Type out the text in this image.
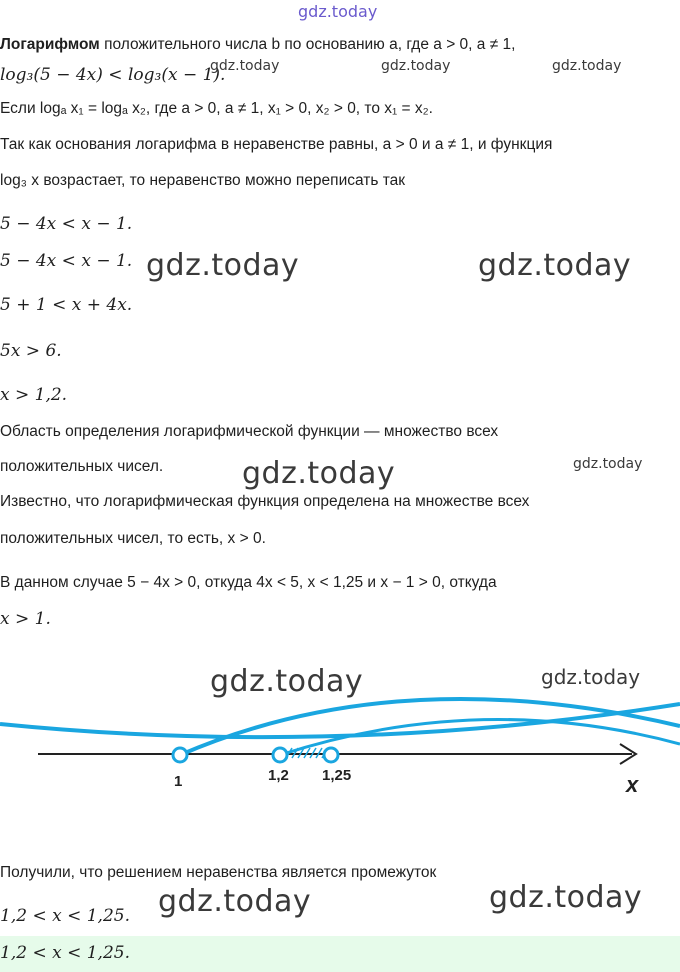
gdz.today
Логарифмом положительного числа b по основанию a, где a > 0, a ≠ 1,
log₃(5 − 4x) < log₃(x − 1).
gdz.today	gdz.today	gdz.today
Если logₐ x₁ = logₐ x₂, где a > 0, a ≠ 1, x₁ > 0, x₂ > 0, то x₁ = x₂.
Так как основания логарифма в неравенстве равны, a > 0 и a ≠ 1, и функция
log₃ x возрастает, то неравенство можно переписать так
5 − 4x < x − 1.
5 − 4x < x − 1. gdz.today	gdz.today
5 + 1 < x + 4x.
5x > 6.
x > 1,2.
Область определения логарифмической функции — множество всех
положительных чисел.	gdz.today	gdz.today
Известно, что логарифмическая функция определена на множестве всех
положительных чисел, то есть, x > 0.
В данном случае 5 − 4x > 0, откуда 4x < 5, x < 1,25 и x − 1 > 0, откуда
x > 1.
gdz.today	gdz.today
1	1,2 1,25	x
Получили, что решением неравенства является промежуток
1,2 < x < 1,25. gdz.today	gdz.today
1,2 < x < 1,25.
